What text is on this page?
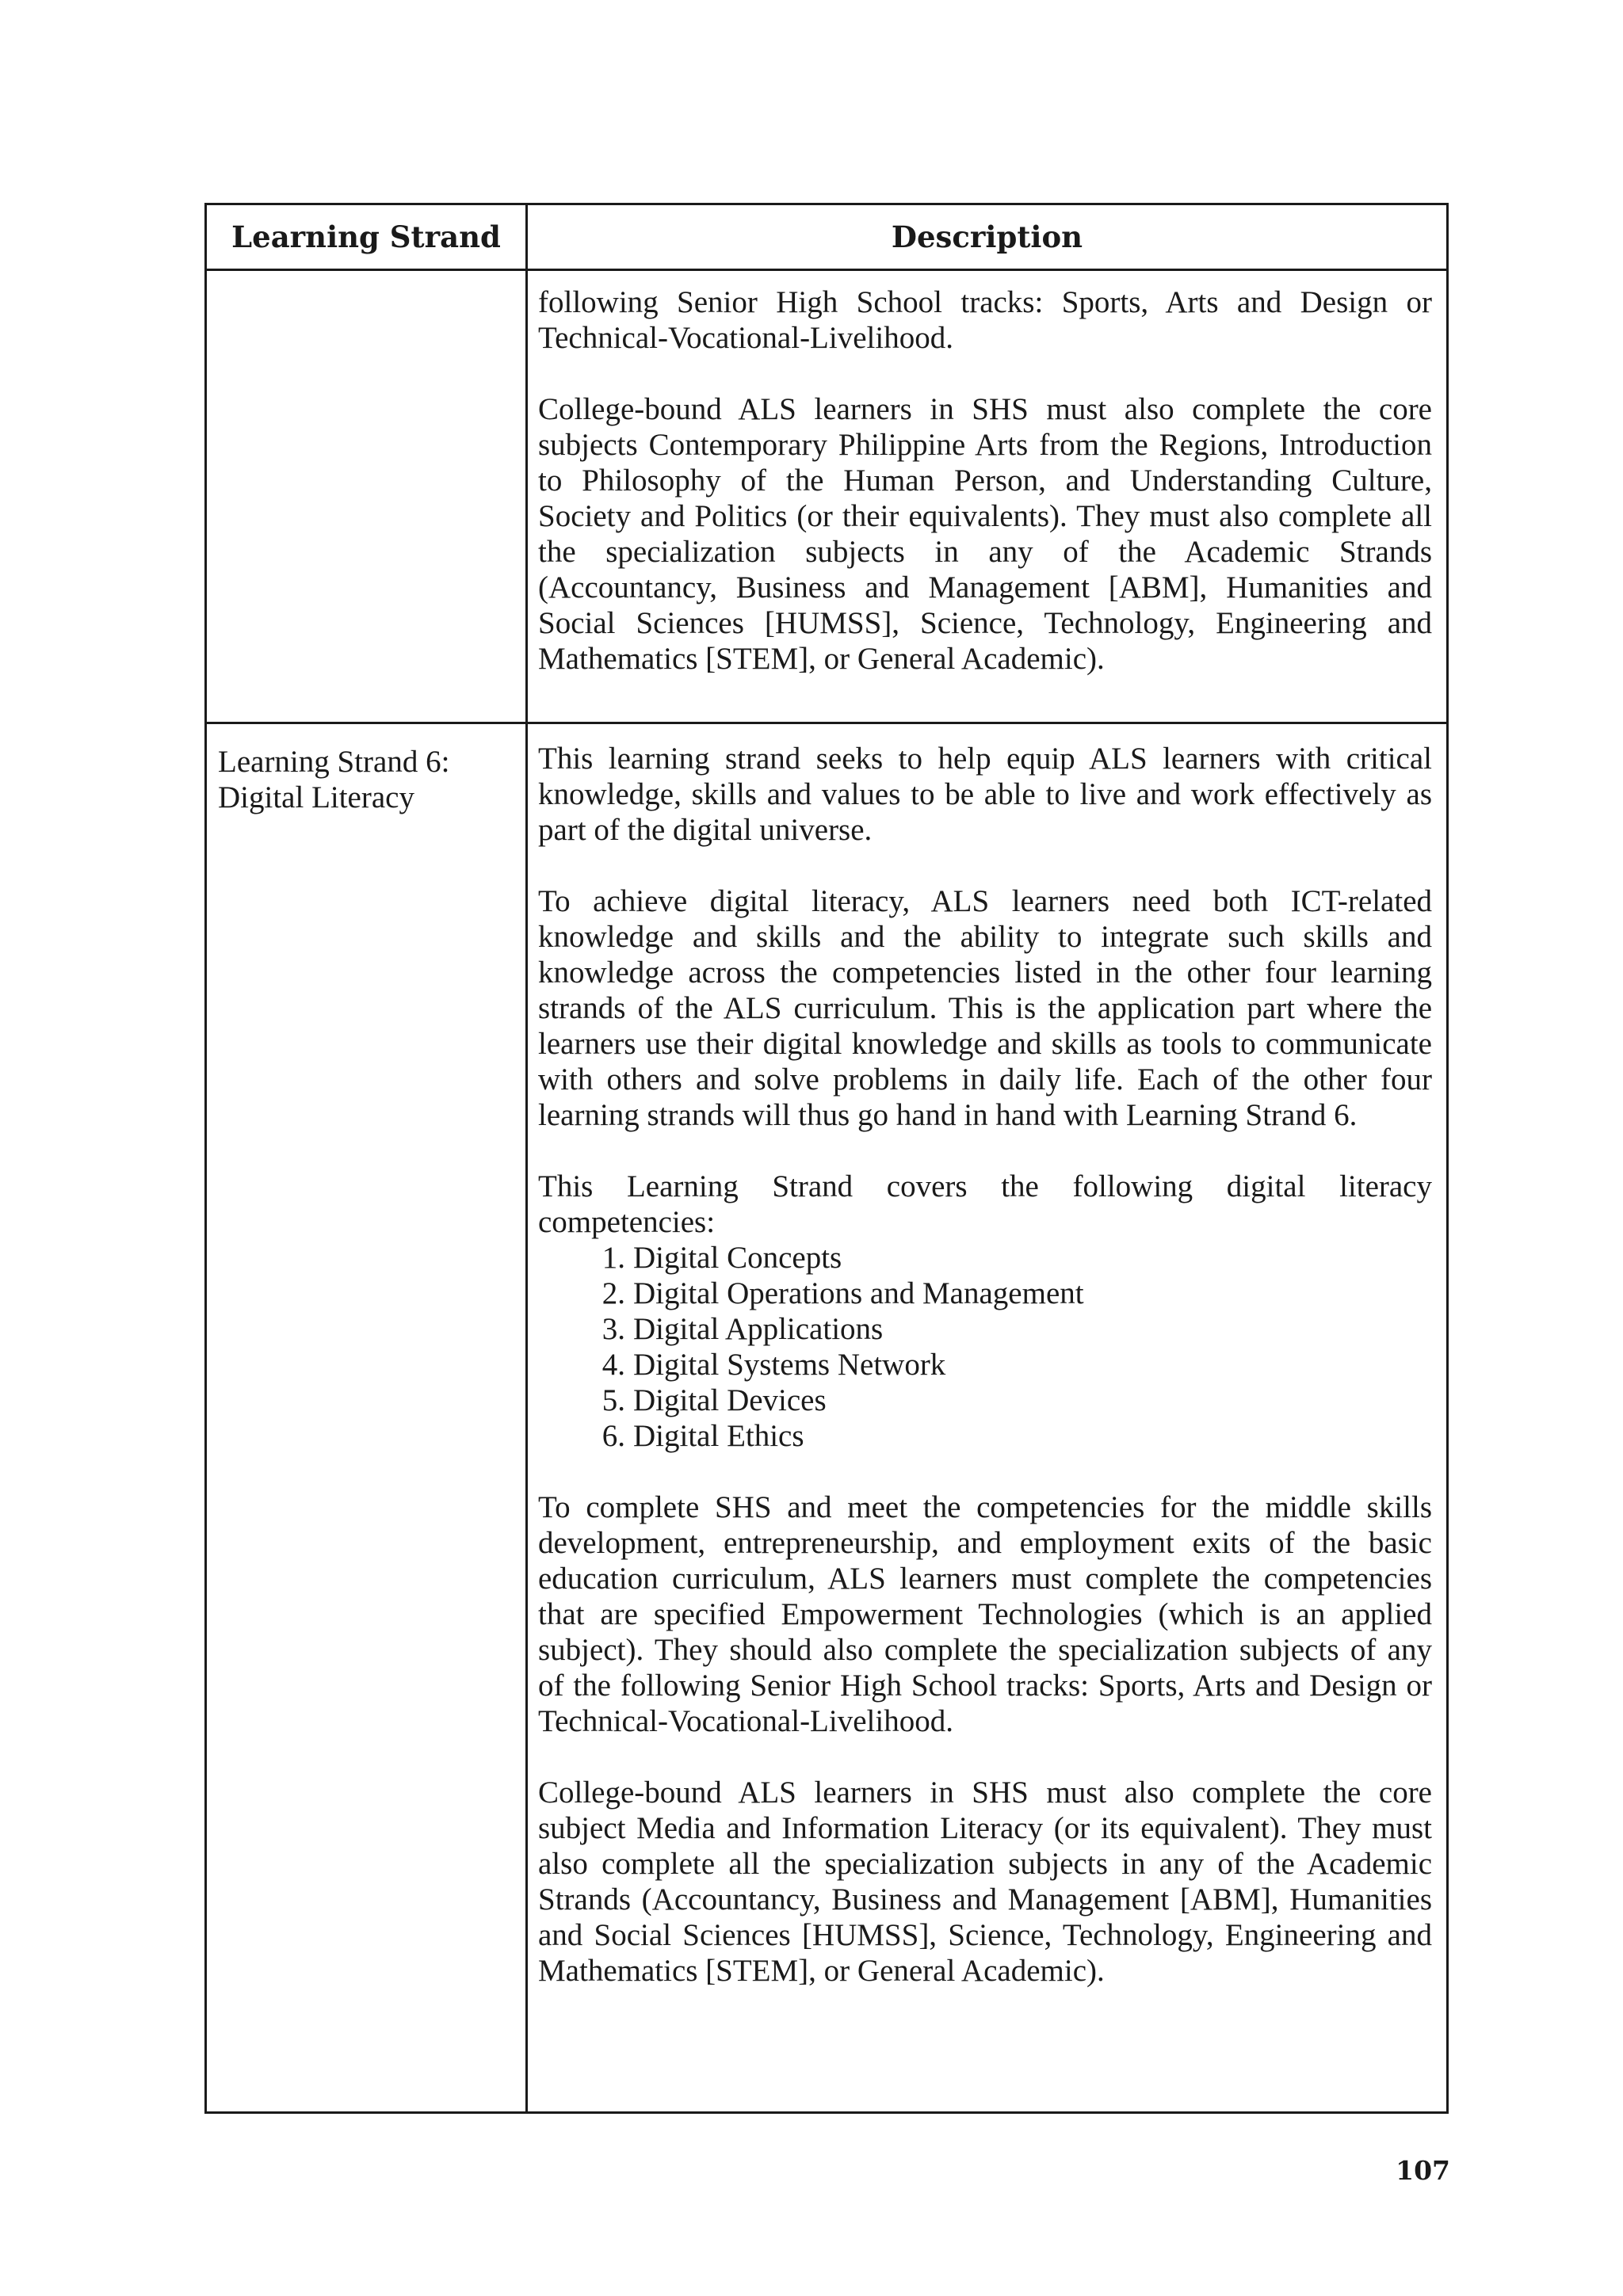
Learning Strand	Description

following Senior High School tracks: Sports, Arts and Design or Technical-Vocational-Livelihood.

College-bound ALS learners in SHS must also complete the core subjects Contemporary Philippine Arts from the Regions, Introduction to Philosophy of the Human Person, and Understanding Culture, Society and Politics (or their equivalents). They must also complete all the specialization subjects in any of the Academic Strands (Accountancy, Business and Management [ABM], Humanities and Social Sciences [HUMSS], Science, Technology, Engineering and Mathematics [STEM], or General Academic).

Learning Strand 6:
Digital Literacy

This learning strand seeks to help equip ALS learners with critical knowledge, skills and values to be able to live and work effectively as part of the digital universe.

To achieve digital literacy, ALS learners need both ICT-related knowledge and skills and the ability to integrate such skills and knowledge across the competencies listed in the other four learning strands of the ALS curriculum. This is the application part where the learners use their digital knowledge and skills as tools to communicate with others and solve problems in daily life. Each of the other four learning strands will thus go hand in hand with Learning Strand 6.

This Learning Strand covers the following digital literacy competencies:

1. Digital Concepts
2. Digital Operations and Management
3. Digital Applications
4. Digital Systems Network
5. Digital Devices
6. Digital Ethics

To complete SHS and meet the competencies for the middle skills development, entrepreneurship, and employment exits of the basic education curriculum, ALS learners must complete the competencies that are specified Empowerment Technologies (which is an applied subject). They should also complete the specialization subjects of any of the following Senior High School tracks: Sports, Arts and Design or Technical-Vocational-Livelihood.

College-bound ALS learners in SHS must also complete the core subject Media and Information Literacy (or its equivalent). They must also complete all the specialization subjects in any of the Academic Strands (Accountancy, Business and Management [ABM], Humanities and Social Sciences [HUMSS], Science, Technology, Engineering and Mathematics [STEM], or General Academic).

107
